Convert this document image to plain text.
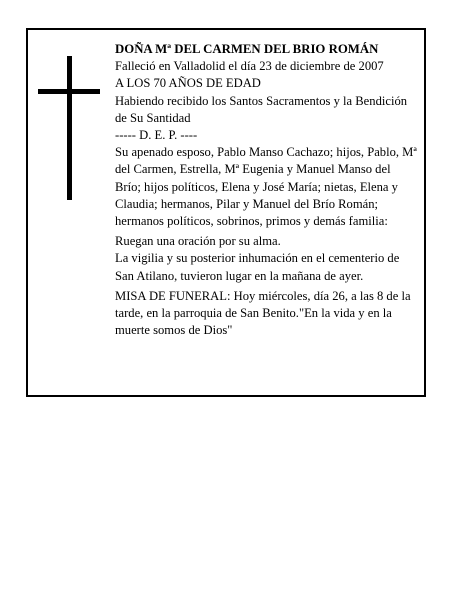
DOÑA Mª DEL CARMEN DEL BRIO ROMÁN

Falleció en Valladolid el día 23 de diciembre de 2007

A LOS 70 AÑOS DE EDAD

Habiendo recibido los Santos Sacramentos y la Bendición de Su Santidad

----- D. E. P. ----

Su apenado esposo, Pablo Manso Cachazo; hijos, Pablo, Mª del Carmen, Estrella, Mª Eugenia y Manuel Manso del Brío; hijos políticos, Elena y José María; nietas, Elena y Claudia; hermanos, Pilar y Manuel del Brío Román; hermanos políticos, sobrinos, primos y demás familia:

Ruegan una oración por su alma.

La vigilia y su posterior inhumación en el cementerio de San Atilano, tuvieron lugar en la mañana de ayer.

MISA DE FUNERAL: Hoy miércoles, día 26, a las 8 de la tarde, en la parroquia de San Benito."En la vida y en la muerte somos de Dios"
